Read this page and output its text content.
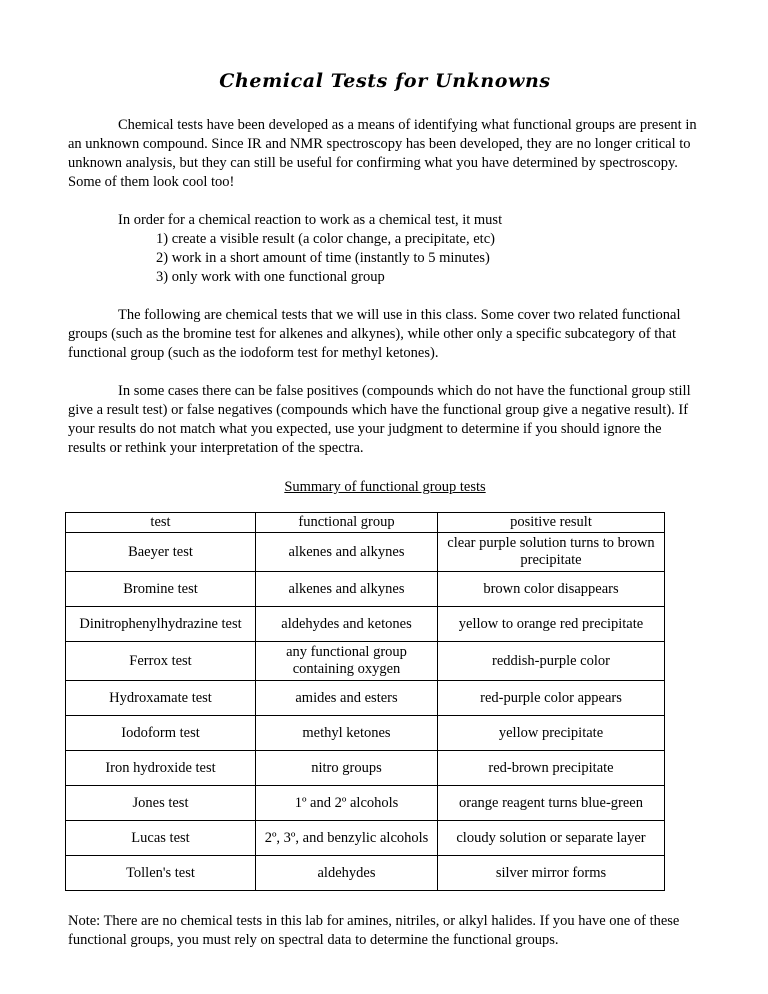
Chemical Tests for Unknowns

Chemical tests have been developed as a means of identifying what functional groups are present in an unknown compound. Since IR and NMR spectroscopy has been developed, they are no longer critical to unknown analysis, but they can still be useful for confirming what you have determined by spectroscopy. Some of them look cool too!

In order for a chemical reaction to work as a chemical test, it must
1) create a visible result (a color change, a precipitate, etc)
2) work in a short amount of time (instantly to 5 minutes)
3) only work with one functional group

The following are chemical tests that we will use in this class. Some cover two related functional groups (such as the bromine test for alkenes and alkynes), while other only a specific subcategory of that functional group (such as the iodoform test for methyl ketones).

In some cases there can be false positives (compounds which do not have the functional group still give a result test) or false negatives (compounds which have the functional group give a negative result). If your results do not match what you expected, use your judgment to determine if you should ignore the results or rethink your interpretation of the spectra.

Summary of functional group tests
test	functional group	positive result
Baeyer test	alkenes and alkynes	clear purple solution turns to brown precipitate
Bromine test	alkenes and alkynes	brown color disappears
Dinitrophenylhydrazine test	aldehydes and ketones	yellow to orange red precipitate
Ferrox test	any functional group containing oxygen	reddish-purple color
Hydroxamate test	amides and esters	red-purple color appears
Iodoform test	methyl ketones	yellow precipitate
Iron hydroxide test	nitro groups	red-brown precipitate
Jones test	1º and 2º alcohols	orange reagent turns blue-green
Lucas test	2º, 3º, and benzylic alcohols	cloudy solution or separate layer
Tollen's test	aldehydes	silver mirror forms

Note: There are no chemical tests in this lab for amines, nitriles, or alkyl halides. If you have one of these functional groups, you must rely on spectral data to determine the functional groups.
